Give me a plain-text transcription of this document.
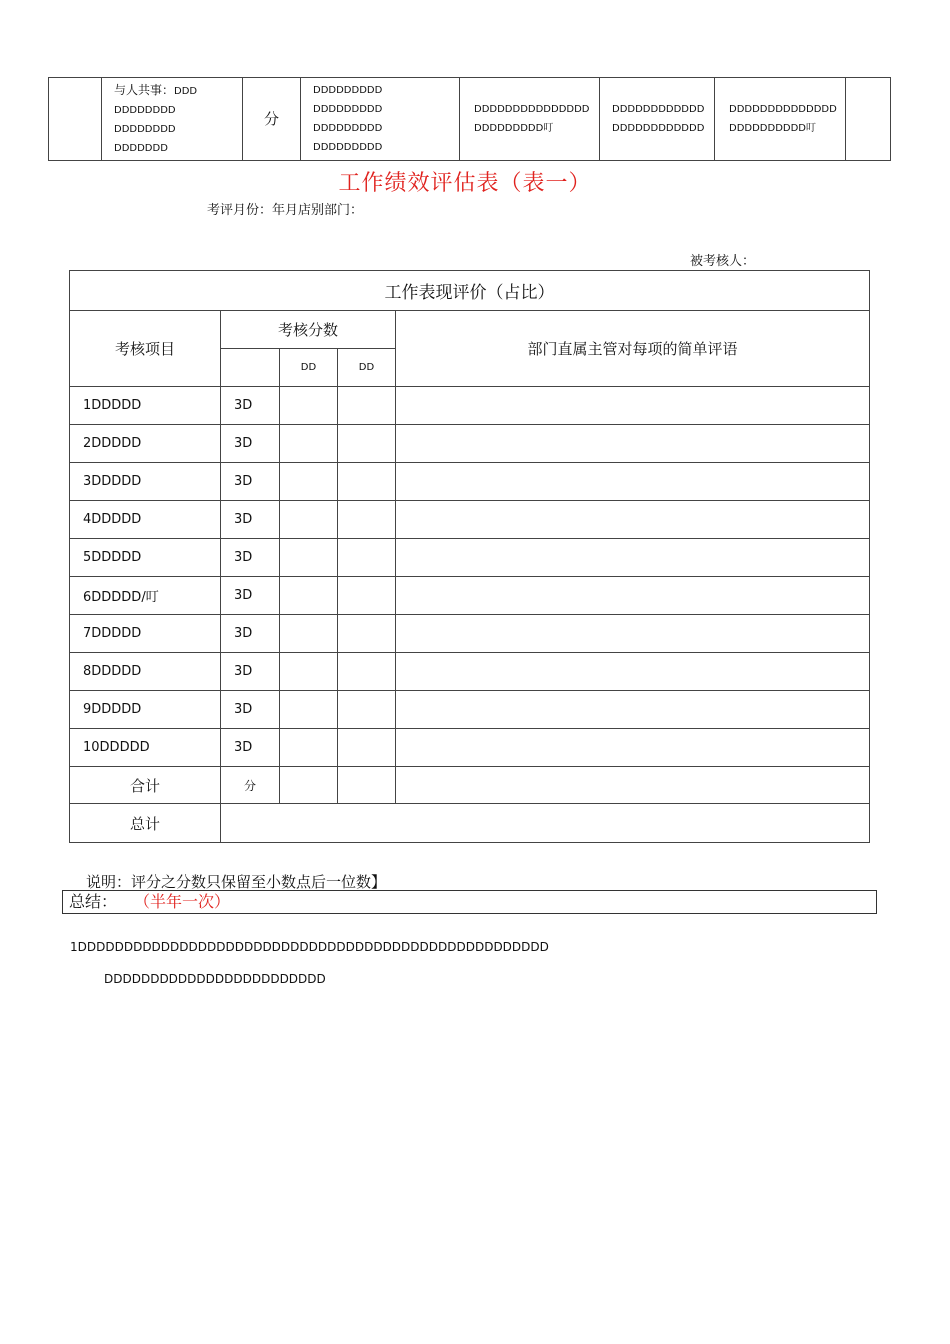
与人共事：DDD
DDDDDDDD
DDDDDDDD
DDDDDDD
	分	
DDDDDDDDD
DDDDDDDDD
DDDDDDDDD
DDDDDDDDD

DDDDDDDDDDDDDDD
DDDDDDDDD叮

DDDDDDDDDDDD
DDDDDDDDDDDD

DDDDDDDDDDDDDD
DDDDDDDDDD叮

工作绩效评估表（表一）
考评月份：年月店别部门：
被考核人：
工作表现评价（占比）				
考核项目	考核分数			部门直属主管对每项的简单评语
		DD	DD	
1DDDDD	3D			
2DDDDD	3D			
3DDDDD	3D			
4DDDDD	3D			
5DDDDD	3D			
6DDDDD/叮	3D			
7DDDDD	3D			
8DDDDD	3D			
9DDDDD	3D			
10DDDDD	3D			
合计	分			
总计				
说明：评分之分数只保留至小数点后一位数】
总结： （半年一次）
1DDDDDDDDDDDDDDDDDDDDDDDDDDDDDDDDDDDDDDDDDDDDDDDDDDD
DDDDDDDDDDDDDDDDDDDDDDDD
